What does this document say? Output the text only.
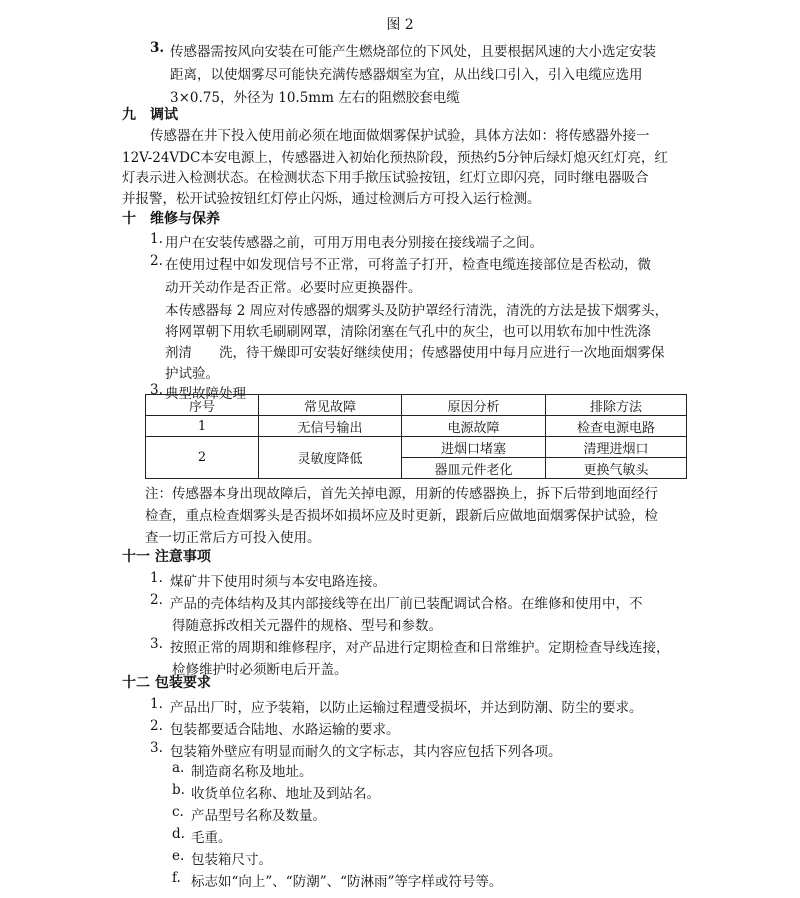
图 2
3. 传感器需按风向安装在可能产生燃烧部位的下风处，且要根据风速的大小选定安装
距离，以使烟雾尽可能快充满传感器烟室为宜，从出线口引入，引入电缆应选用
3×0.75，外径为 10.5mm 左右的阻燃胶套电缆
九　调试
传感器在井下投入使用前必须在地面做烟雾保护试验，具体方法如：将传感器外接一
12V-24VDC本安电源上，传感器进入初始化预热阶段，预热约5分钟后绿灯熄灭红灯亮，红
灯表示进入检测状态。在检测状态下用手揿压试验按钮，红灯立即闪亮，同时继电器吸合
并报警，松开试验按钮红灯停止闪烁，通过检测后方可投入运行检测。
十　维修与保养
1. 用户在安装传感器之前，可用万用电表分别接在接线端子之间。
2. 在使用过程中如发现信号不正常，可将盖子打开，检查电缆连接部位是否松动，微
动开关动作是否正常。必要时应更换器件。
本传感器每 2 周应对传感器的烟雾头及防护罩经行清洗，清洗的方法是拔下烟雾头，
将网罩朝下用软毛刷刷网罩，清除闭塞在气孔中的灰尘，也可以用软布加中性洗涤
剂清　　洗，待干燥即可安装好继续使用；传感器使用中每月应进行一次地面烟雾保
3. 典型故障处理
序号	常见故障	原因分析	排除方法
1	无信号输出	电源故障	检查电源电路
2	灵敏度降低	进烟口堵塞	清理进烟口
		器皿元件老化	更换气敏头
注：传感器本身出现故障后，首先关掉电源，用新的传感器换上，拆下后带到地面经行
检查，重点检查烟雾头是否损坏如损坏应及时更新，跟新后应做地面烟雾保护试验，检
查一切正常后方可投入使用。
十一 注意事项
1. 煤矿井下使用时须与本安电路连接。
2. 产品的壳体结构及其内部接线等在出厂前已装配调试合格。在维修和使用中，不
得随意拆改相关元器件的规格、型号和参数。
3. 按照正常的周期和维修程序，对产品进行定期检查和日常维护。定期检查导线连接，
检修维护时必须断电后开盖。
十二 包装要求
1. 产品出厂时，应予装箱，以防止运输过程遭受损坏，并达到防潮、防尘的要求。
2. 包装都要适合陆地、水路运输的要求。
3. 包装箱外壁应有明显而耐久的文字标志，其内容应包括下列各项。
a. 制造商名称及地址。
b. 收货单位名称、地址及到站名。
c. 产品型号名称及数量。
d. 毛重。
e. 包装箱尺寸。
护试验。
f. 标志如“向上”、“防潮”、“防淋雨”等字样或符号等。
